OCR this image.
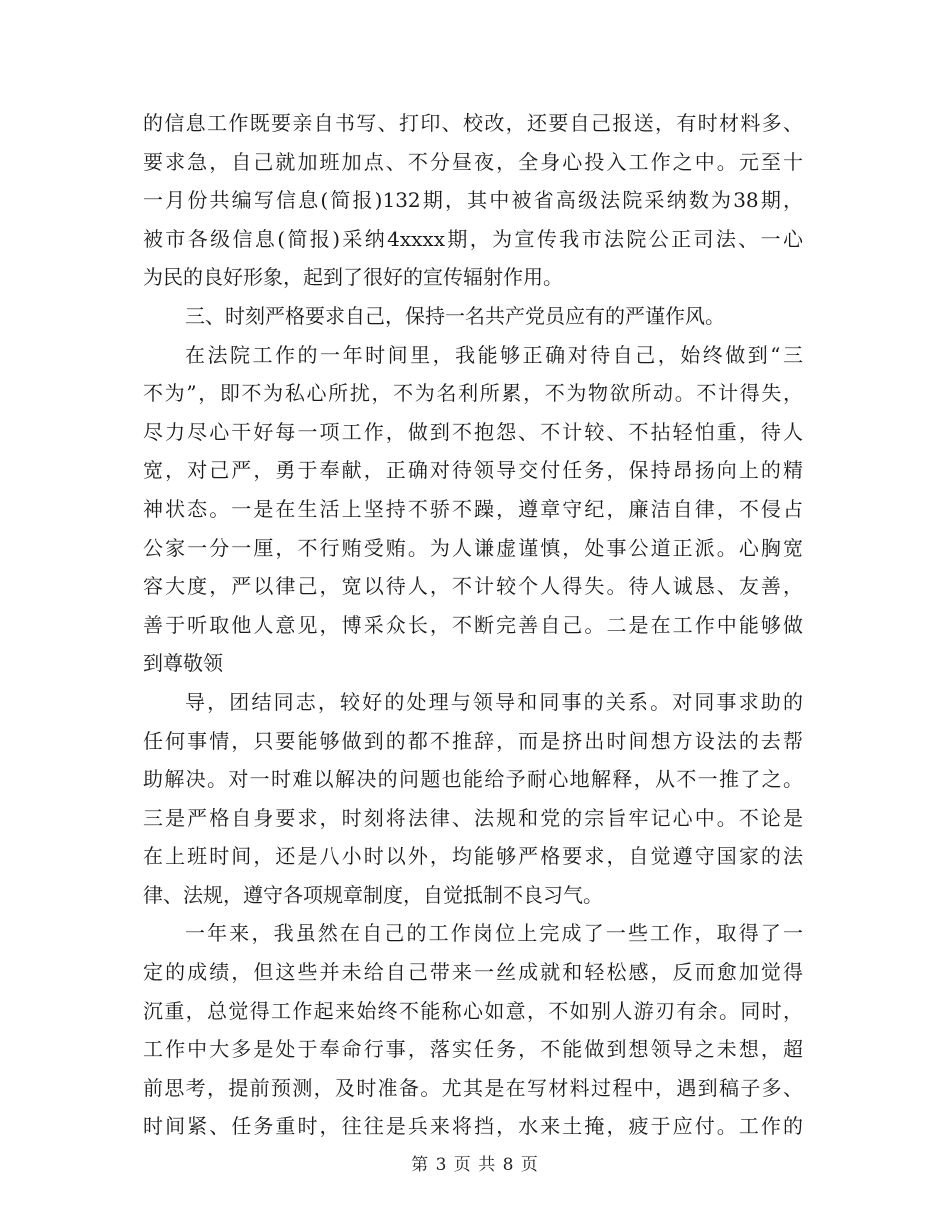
的信息工作既要亲自书写、打印、校改，还要自己报送，有时材料多、
要求急，自己就加班加点、不分昼夜，全身心投入工作之中。元至十
一月份共编写信息(简报)132期，其中被省高级法院采纳数为38期，
被市各级信息(简报)采纳4xxxx期，为宣传我市法院公正司法、一心
为民的良好形象，起到了很好的宣传辐射作用。
三、时刻严格要求自己，保持一名共产党员应有的严谨作风。
在法院工作的一年时间里，我能够正确对待自己，始终做到“三
不为”，即不为私心所扰，不为名利所累，不为物欲所动。不计得失，
尽力尽心干好每一项工作，做到不抱怨、不计较、不拈轻怕重，待人
宽，对己严，勇于奉献，正确对待领导交付任务，保持昂扬向上的精
神状态。一是在生活上坚持不骄不躁，遵章守纪，廉洁自律，不侵占
公家一分一厘，不行贿受贿。为人谦虚谨慎，处事公道正派。心胸宽
容大度，严以律己，宽以待人，不计较个人得失。待人诚恳、友善，
善于听取他人意见，博采众长，不断完善自己。二是在工作中能够做
到尊敬领
导，团结同志，较好的处理与领导和同事的关系。对同事求助的
任何事情，只要能够做到的都不推辞，而是挤出时间想方设法的去帮
助解决。对一时难以解决的问题也能给予耐心地解释，从不一推了之。
三是严格自身要求，时刻将法律、法规和党的宗旨牢记心中。不论是
在上班时间，还是八小时以外，均能够严格要求，自觉遵守国家的法
律、法规，遵守各项规章制度，自觉抵制不良习气。
一年来，我虽然在自己的工作岗位上完成了一些工作，取得了一
定的成绩，但这些并未给自己带来一丝成就和轻松感，反而愈加觉得
沉重，总觉得工作起来始终不能称心如意，不如别人游刃有余。同时，
工作中大多是处于奉命行事，落实任务，不能做到想领导之未想，超
前思考，提前预测，及时准备。尤其是在写材料过程中，遇到稿子多、
时间紧、任务重时，往往是兵来将挡，水来土掩，疲于应付。工作的
第 3 页 共 8 页
